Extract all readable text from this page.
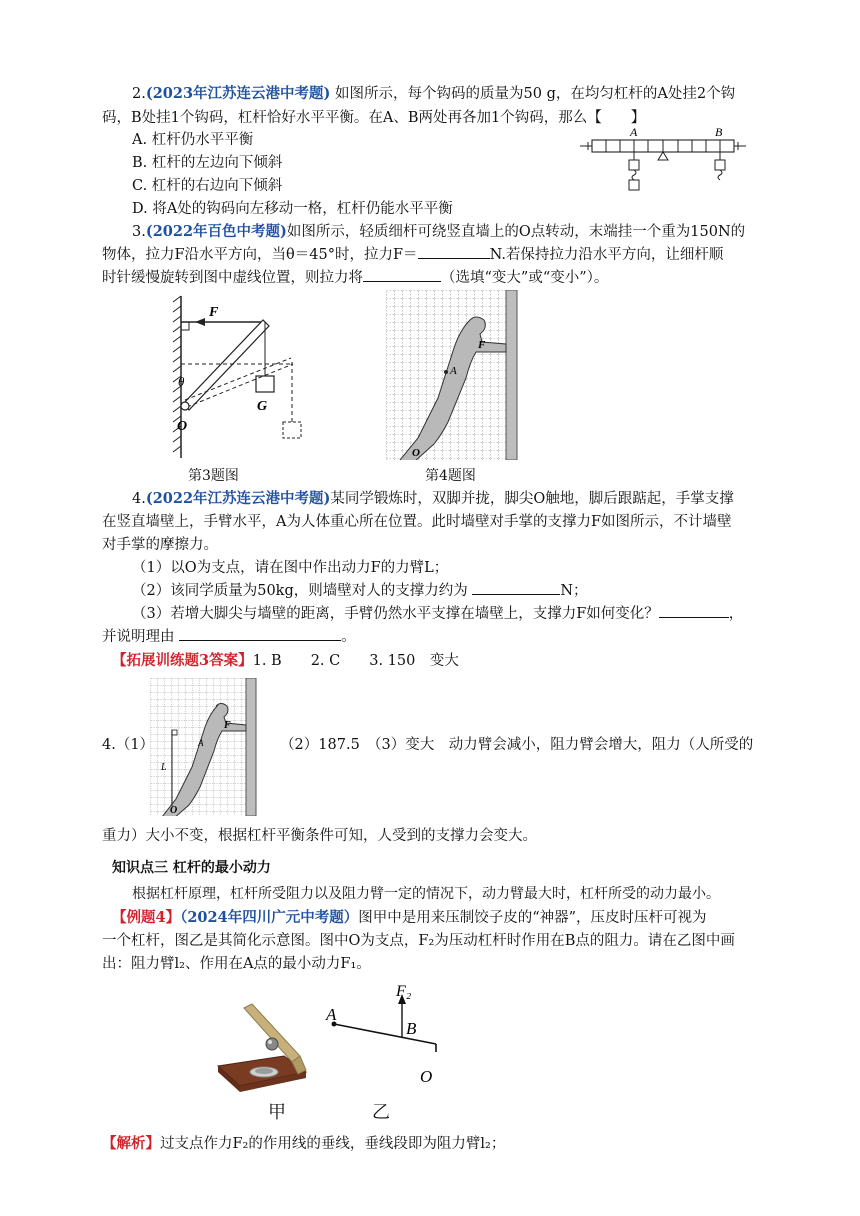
2.(2023年江苏连云港中考题) 如图所示，每个钩码的质量为50 g，在均匀杠杆的A处挂2个钩
码，B处挂1个钩码，杠杆恰好水平平衡。在A、B两处再各加1个钩码，那么【　　】
A. 杠杆仍水平平衡
B. 杠杆的左边向下倾斜
C. 杠杆的右边向下倾斜
D. 将A处的钩码向左移动一格，杠杆仍能水平平衡
A	B
3.(2022年百色中考题)如图所示，轻质细杆可绕竖直墙上的O点转动，末端挂一个重为150N的
物体，拉力F沿水平方向，当θ＝45°时，拉力F＝	N.若保持拉力沿水平方向，让细杆顺
时针缓慢旋转到图中虚线位置，则拉力将	（选填“变大”或“变小”）。
F
G
O
θ
第3题图
F
A
O
第4题图
4.(2022年江苏连云港中考题)某同学锻炼时，双脚并拢，脚尖O触地，脚后跟踮起，手掌支撑
在竖直墙壁上，手臂水平，A为人体重心所在位置。此时墙壁对手掌的支撑力F如图所示，不计墙壁
对手掌的摩擦力。
（1）以O为支点，请在图中作出动力F的力臂L；
（2）该同学质量为50kg，则墙壁对人的支撑力约为	N；
（3）若增大脚尖与墙壁的距离，手臂仍然水平支撑在墙壁上，支撑力F如何变化？	，
并说明理由	。
【拓展训练题3答案】1. B　　2. C　　3. 150　变大
F
A
L
O
4.（1）	（2）187.5　（3）变大　动力臂会减小，阻力臂会增大，阻力（人所受的
重力）大小不变，根据杠杆平衡条件可知，人受到的支撑力会变大。
知识点三 杠杆的最小动力
根据杠杆原理，杠杆所受阻力以及阻力臂一定的情况下，动力臂最大时，杠杆所受的动力最小。
【例题4】（2024年四川广元中考题）图甲中是用来压制饺子皮的“神器”，压皮时压杆可视为
一个杠杆，图乙是其简化示意图。图中O为支点，F₂为压动杠杆时作用在B点的阻力。请在乙图中画
出：阻力臂l₂、作用在A点的最小动力F₁。
甲
A
B
F₂
O
乙
【解析】过支点作力F₂的作用线的垂线，垂线段即为阻力臂l₂；
